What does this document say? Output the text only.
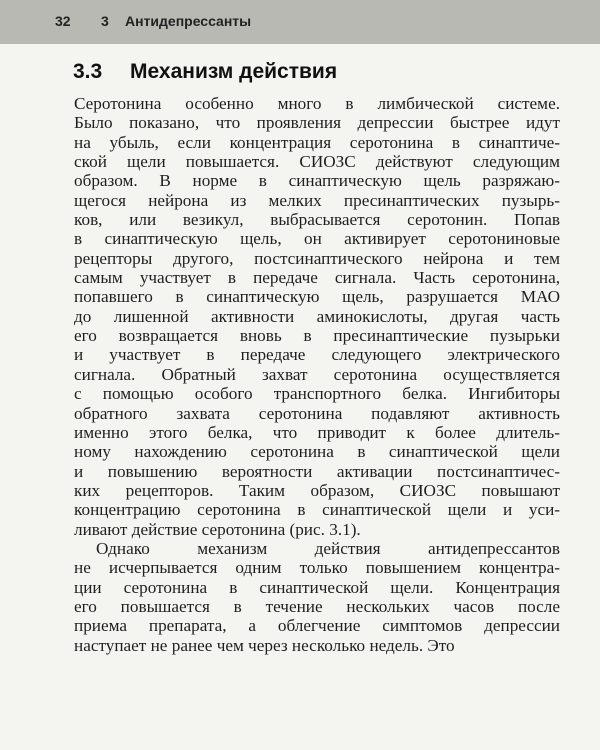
32 3 Антидепрессанты
3.3 Механизм действия
Серотонина особенно много в лимбической системе.
Было показано, что проявления депрессии быстрее идут
на убыль, если концентрация серотонина в синаптиче-
ской щели повышается. СИОЗС действуют следующим
образом. В норме в синаптическую щель разряжаю-
щегося нейрона из мелких пресинаптических пузырь-
ков, или везикул, выбрасывается серотонин. Попав
в синаптическую щель, он активирует серотониновые
рецепторы другого, постсинаптического нейрона и тем
самым участвует в передаче сигнала. Часть серотонина,
попавшего в синаптическую щель, разрушается МАО
до лишенной активности аминокислоты, другая часть
его возвращается вновь в пресинаптические пузырьки
и участвует в передаче следующего электрического
сигнала. Обратный захват серотонина осуществляется
с помощью особого транспортного белка. Ингибиторы
обратного захвата серотонина подавляют активность
именно этого белка, что приводит к более длитель-
ному нахождению серотонина в синаптической щели
и повышению вероятности активации постсинаптичес-
ких рецепторов. Таким образом, СИОЗС повышают
концентрацию серотонина в синаптической щели и уси-
ливают действие серотонина (рис. 3.1).
Однако механизм действия антидепрессантов
не исчерпывается одним только повышением концентра-
ции серотонина в синаптической щели. Концентрация
его повышается в течение нескольких часов после
приема препарата, а облегчение симптомов депрессии
наступает не ранее чем через несколько недель. Это
